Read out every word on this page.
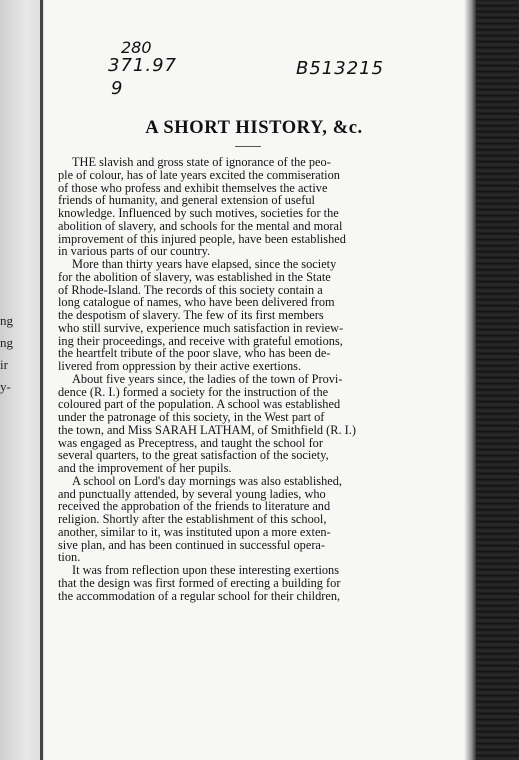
ng
ng
ir
y-
280
371.97
9
B513215
A SHORT HISTORY, &c.
THE slavish and gross state of ignorance of the peo-
ple of colour, has of late years excited the commiseration
of those who profess and exhibit themselves the active
friends of humanity, and general extension of useful
knowledge. Influenced by such motives, societies for the
abolition of slavery, and schools for the mental and moral
improvement of this injured people, have been established
in various parts of our country.
More than thirty years have elapsed, since the society
for the abolition of slavery, was established in the State
of Rhode-Island. The records of this society contain a
long catalogue of names, who have been delivered from
the despotism of slavery. The few of its first members
who still survive, experience much satisfaction in review-
ing their proceedings, and receive with grateful emotions,
the heartfelt tribute of the poor slave, who has been de-
livered from oppression by their active exertions.
About five years since, the ladies of the town of Provi-
dence (R. I.) formed a society for the instruction of the
coloured part of the population. A school was established
under the patronage of this society, in the West part of
the town, and Miss SARAH LATHAM, of Smithfield (R. I.)
was engaged as Preceptress, and taught the school for
several quarters, to the great satisfaction of the society,
and the improvement of her pupils.
A school on Lord's day mornings was also established,
and punctually attended, by several young ladies, who
received the approbation of the friends to literature and
religion. Shortly after the establishment of this school,
another, similar to it, was instituted upon a more exten-
sive plan, and has been continued in successful opera-
tion.
It was from reflection upon these interesting exertions
that the design was first formed of erecting a building for
the accommodation of a regular school for their children,
